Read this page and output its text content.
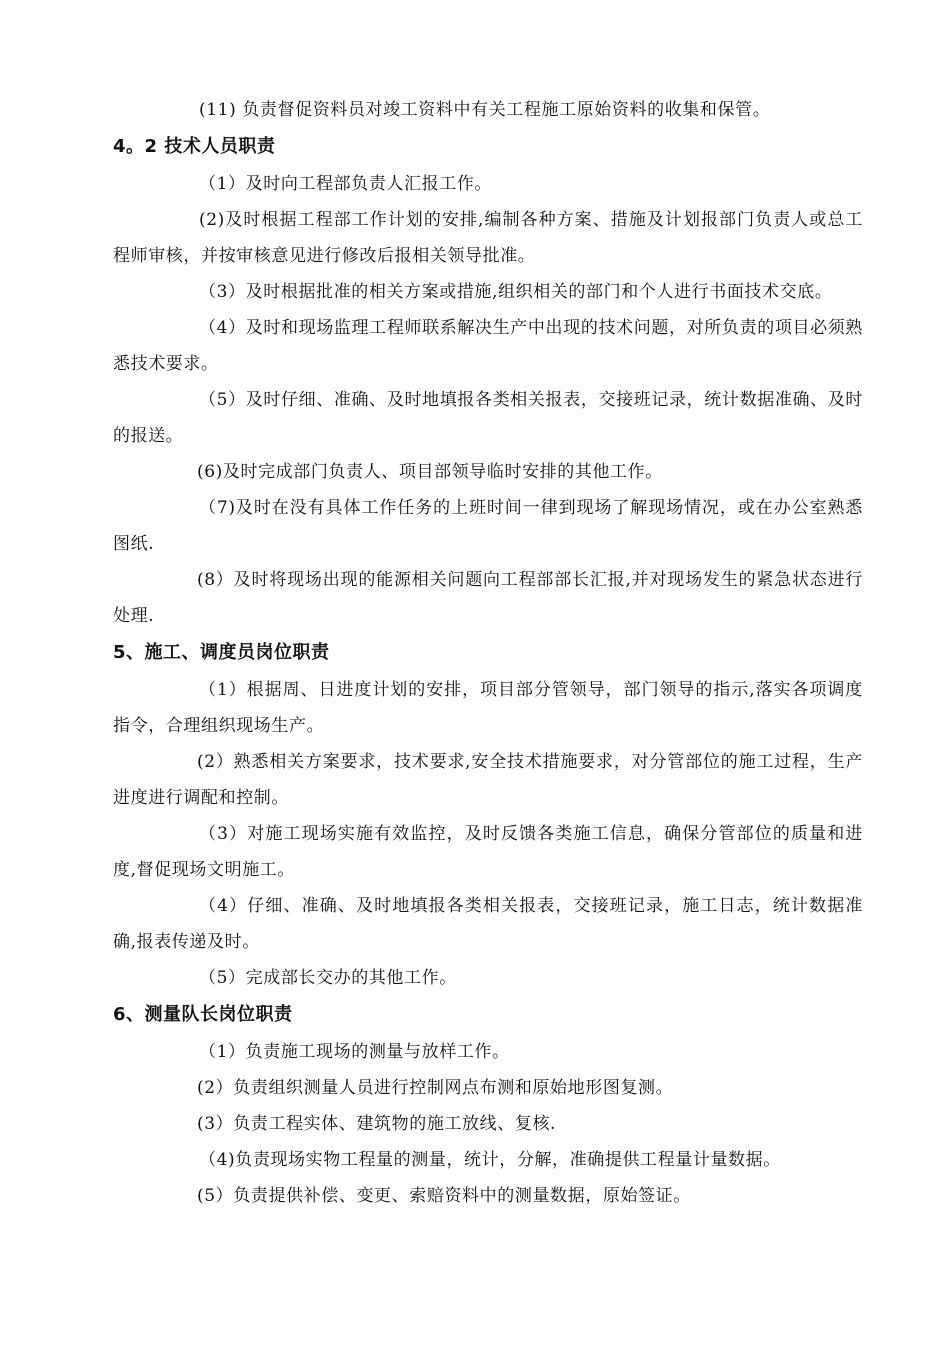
(11) 负责督促资料员对竣工资料中有关工程施工原始资料的收集和保管。

4。2 技术人员职责

（1）及时向工程部负责人汇报工作。

(2)及时根据工程部工作计划的安排,编制各种方案、措施及计划报部门负责人或总工程师审核，并按审核意见进行修改后报相关领导批准。

（3）及时根据批准的相关方案或措施,组织相关的部门和个人进行书面技术交底。

（4）及时和现场监理工程师联系解决生产中出现的技术问题，对所负责的项目必须熟悉技术要求。

（5）及时仔细、准确、及时地填报各类相关报表，交接班记录，统计数据准确、及时的报送。

(6)及时完成部门负责人、项目部领导临时安排的其他工作。

（7)及时在没有具体工作任务的上班时间一律到现场了解现场情况，或在办公室熟悉图纸.

(8）及时将现场出现的能源相关问题向工程部部长汇报,并对现场发生的紧急状态进行处理.

5、施工、调度员岗位职责

（1）根据周、日进度计划的安排，项目部分管领导，部门领导的指示,落实各项调度指令，合理组织现场生产。

(2）熟悉相关方案要求，技术要求,安全技术措施要求，对分管部位的施工过程，生产进度进行调配和控制。

（3）对施工现场实施有效监控，及时反馈各类施工信息，确保分管部位的质量和进度,督促现场文明施工。

（4）仔细、准确、及时地填报各类相关报表，交接班记录，施工日志，统计数据准确,报表传递及时。

（5）完成部长交办的其他工作。

6、测量队长岗位职责

（1）负责施工现场的测量与放样工作。

(2）负责组织测量人员进行控制网点布测和原始地形图复测。

(3）负责工程实体、建筑物的施工放线、复核.

（4)负责现场实物工程量的测量，统计，分解，准确提供工程量计量数据。

(5）负责提供补偿、变更、索赔资料中的测量数据，原始签证。
